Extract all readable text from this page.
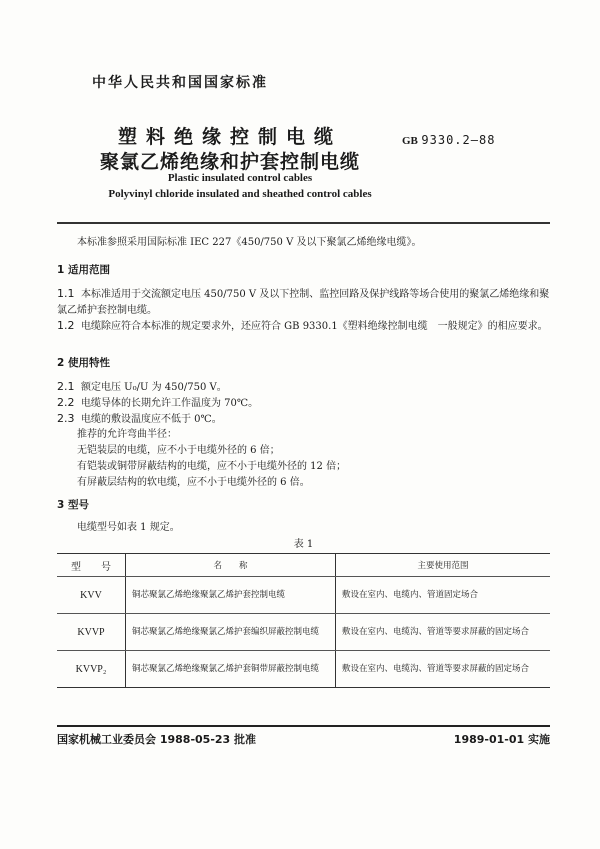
中华人民共和国国家标准
塑料绝缘控制电缆
聚氯乙烯绝缘和护套控制电缆
GB 9330.2—88
Plastic insulated control cables
Polyvinyl chloride insulated and sheathed control cables
本标准参照采用国际标准 IEC 227《450/750 V 及以下聚氯乙烯绝缘电缆》。
1 适用范围
1.1 本标准适用于交流额定电压 450/750 V 及以下控制、监控回路及保护线路等场合使用的聚氯乙烯绝缘和聚氯乙烯护套控制电缆。
1.2 电缆除应符合本标准的规定要求外，还应符合 GB 9330.1《塑料绝缘控制电缆　一般规定》的相应要求。
2 使用特性
2.1 额定电压 U₀/U 为 450/750 V。
2.2 电缆导体的长期允许工作温度为 70℃。
2.3 电缆的敷设温度应不低于 0℃。
推荐的允许弯曲半径：
无铠装层的电缆，应不小于电缆外径的 6 倍；
有铠装或铜带屏蔽结构的电缆，应不小于电缆外径的 12 倍；
有屏蔽层结构的软电缆，应不小于电缆外径的 6 倍。
3 型号
电缆型号如表 1 规定。
表 1
型　　号	名　　称	主要使用范围
KVV	铜芯聚氯乙烯绝缘聚氯乙烯护套控制电缆	敷设在室内、电缆内、管道固定场合
KVVP	铜芯聚氯乙烯绝缘聚氯乙烯护套编织屏蔽控制电缆	敷设在室内、电缆沟、管道等要求屏蔽的固定场合
KVVP₂	铜芯聚氯乙烯绝缘聚氯乙烯护套铜带屏蔽控制电缆	敷设在室内、电缆沟、管道等要求屏蔽的固定场合
国家机械工业委员会 1988-05-23 批准	1989-01-01 实施
